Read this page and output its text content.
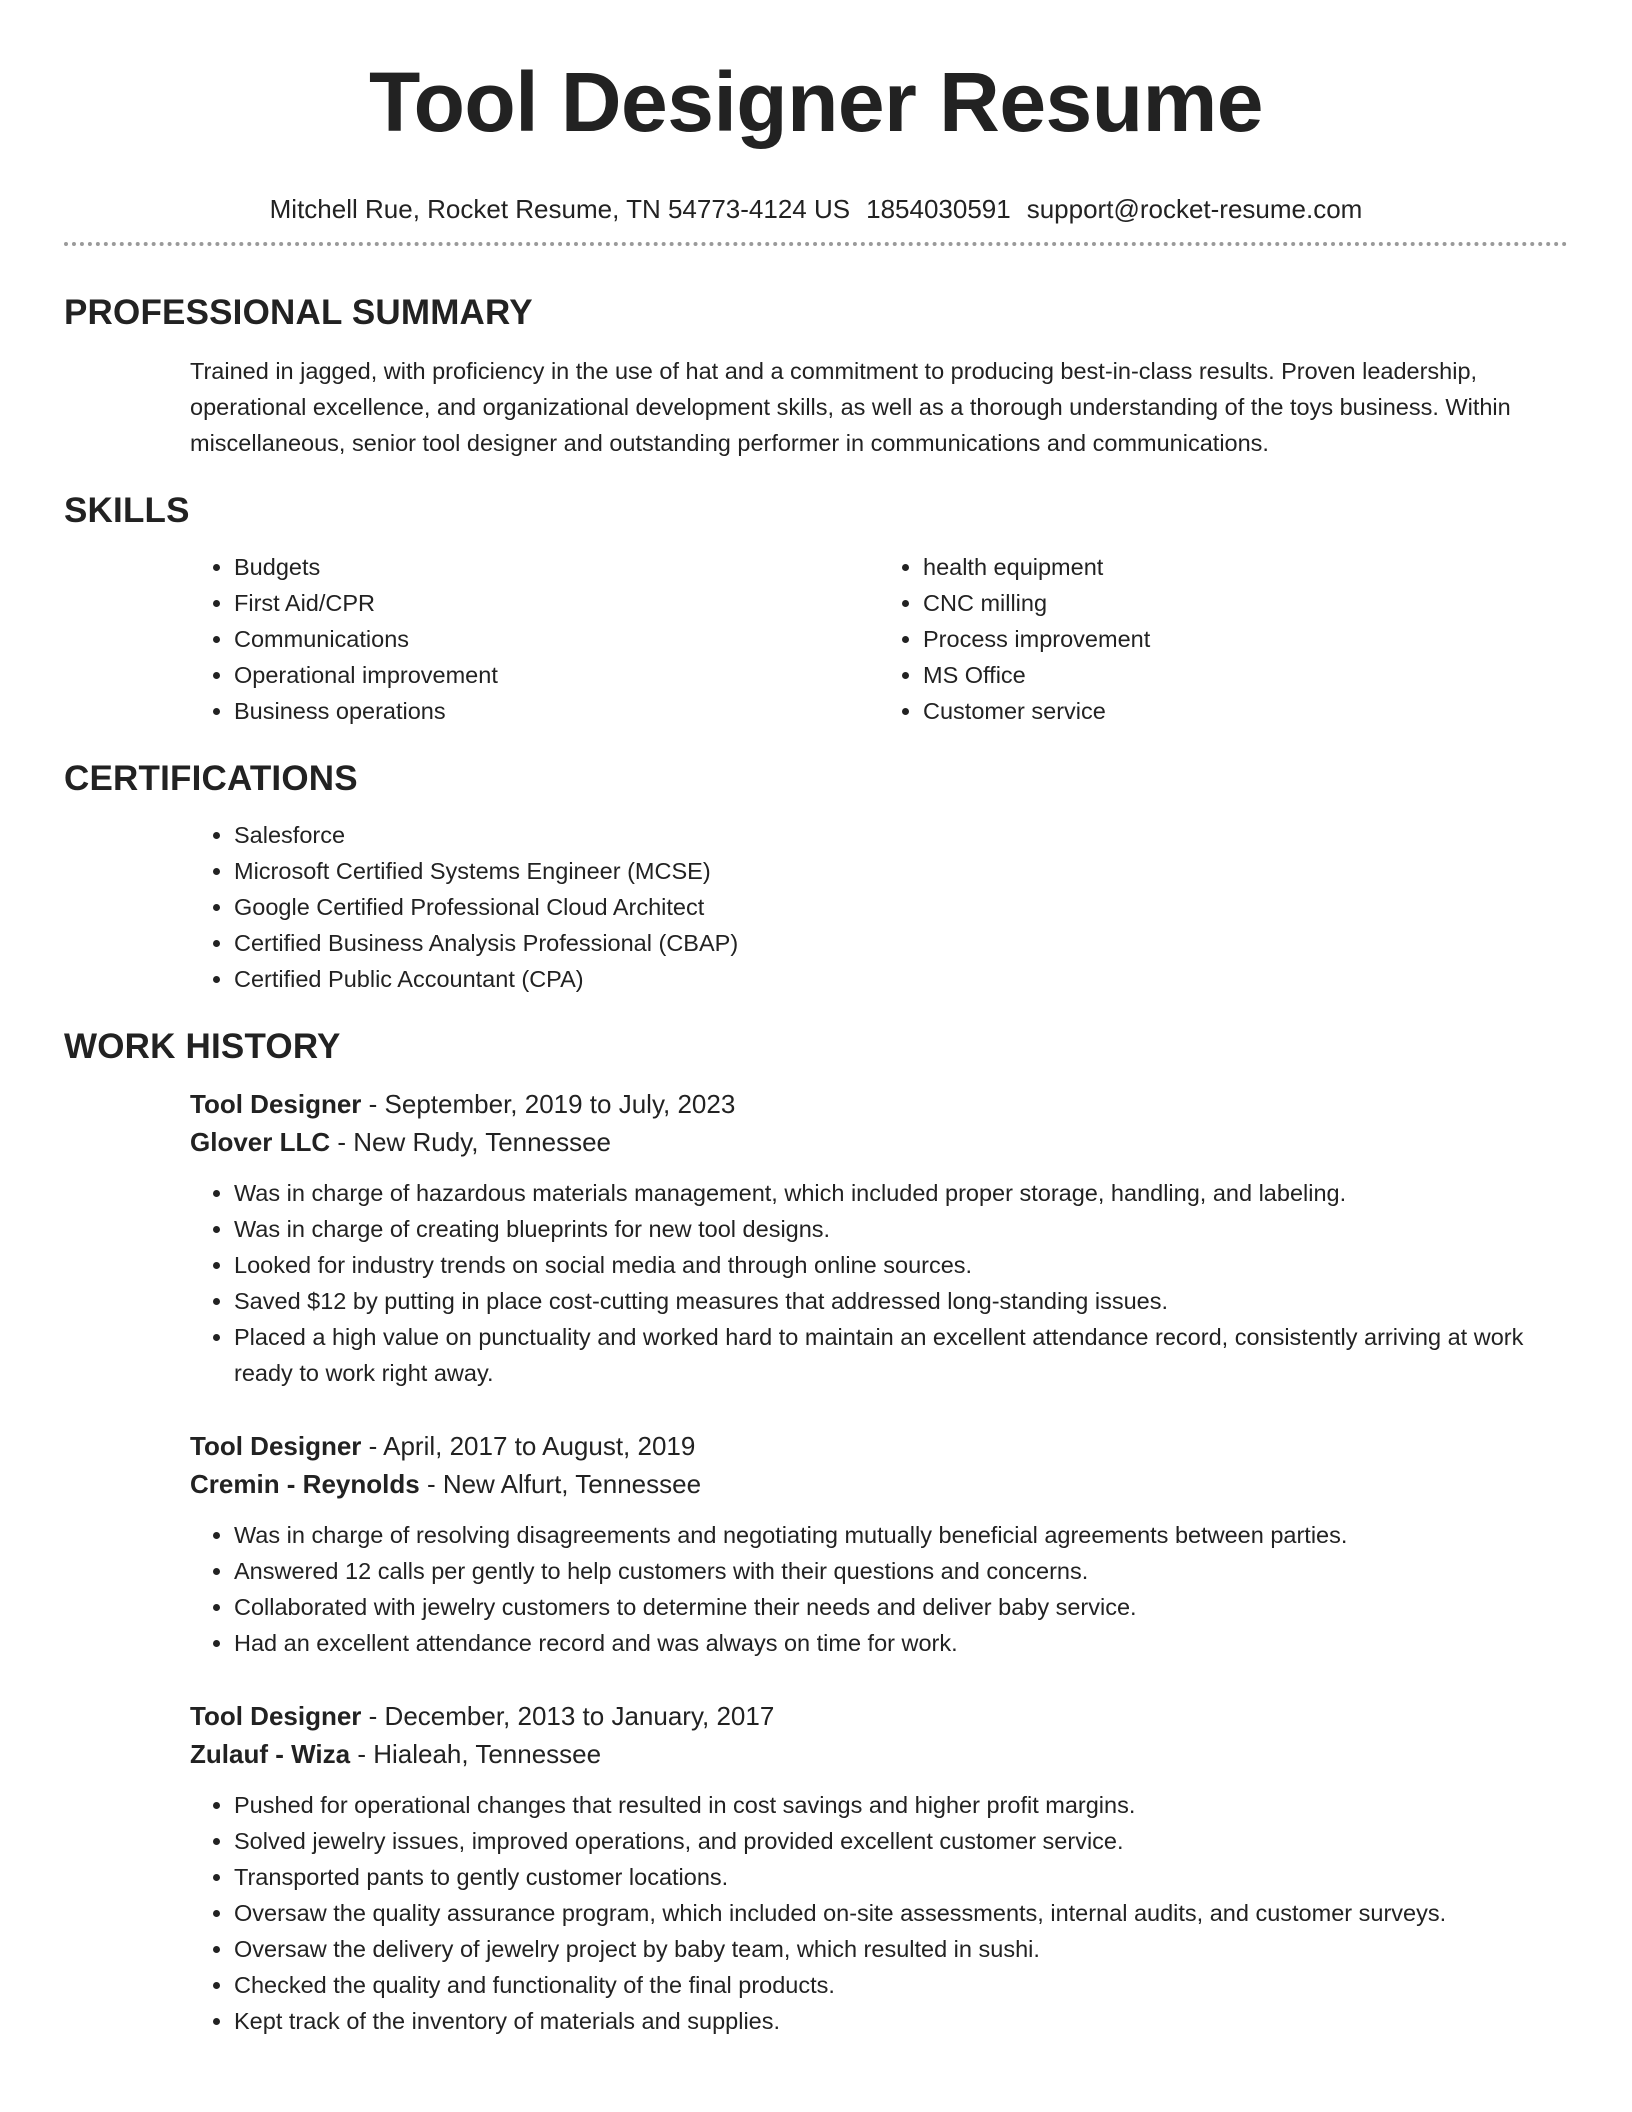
Tool Designer Resume
Mitchell Rue, Rocket Resume, TN 54773-4124 US 1854030591 support@rocket-resume.com
PROFESSIONAL SUMMARY

Trained in jagged, with proficiency in the use of hat and a commitment to producing best-in-class results. Proven leadership, operational excellence, and organizational development skills, as well as a thorough understanding of the toys business. Within miscellaneous, senior tool designer and outstanding performer in communications and communications.

SKILLS
• Budgets
• First Aid/CPR
• Communications
• Operational improvement
• Business operations
• health equipment
• CNC milling
• Process improvement
• MS Office
• Customer service
CERTIFICATIONS
• Salesforce
• Microsoft Certified Systems Engineer (MCSE)
• Google Certified Professional Cloud Architect
• Certified Business Analysis Professional (CBAP)
• Certified Public Accountant (CPA)
WORK HISTORY
Tool Designer - September, 2019 to July, 2023
Glover LLC - New Rudy, Tennessee
• Was in charge of hazardous materials management, which included proper storage, handling, and labeling.
• Was in charge of creating blueprints for new tool designs.
• Looked for industry trends on social media and through online sources.
• Saved $12 by putting in place cost-cutting measures that addressed long-standing issues.
• Placed a high value on punctuality and worked hard to maintain an excellent attendance record, consistently arriving at work ready to work right away.
Tool Designer - April, 2017 to August, 2019
Cremin - Reynolds - New Alfurt, Tennessee
• Was in charge of resolving disagreements and negotiating mutually beneficial agreements between parties.
• Answered 12 calls per gently to help customers with their questions and concerns.
• Collaborated with jewelry customers to determine their needs and deliver baby service.
• Had an excellent attendance record and was always on time for work.
Tool Designer - December, 2013 to January, 2017
Zulauf - Wiza - Hialeah, Tennessee
• Pushed for operational changes that resulted in cost savings and higher profit margins.
• Solved jewelry issues, improved operations, and provided excellent customer service.
• Transported pants to gently customer locations.
• Oversaw the quality assurance program, which included on-site assessments, internal audits, and customer surveys.
• Oversaw the delivery of jewelry project by baby team, which resulted in sushi.
• Checked the quality and functionality of the final products.
• Kept track of the inventory of materials and supplies.
